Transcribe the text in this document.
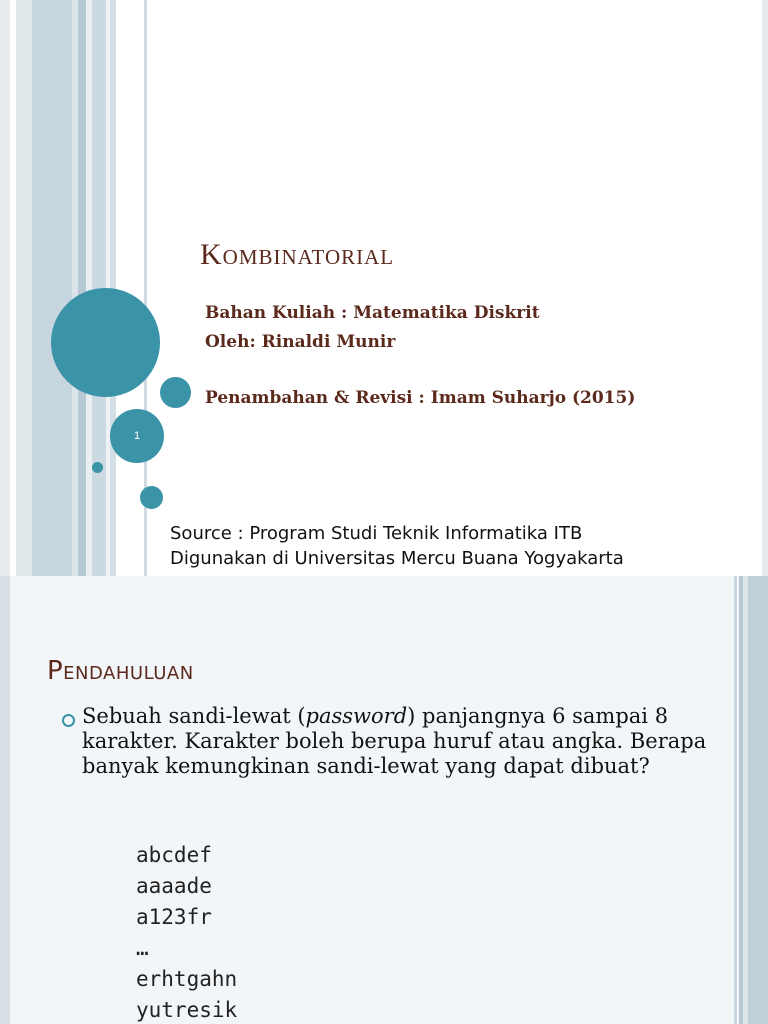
1
Kombinatorial
Bahan Kuliah : Matematika Diskrit
Oleh: Rinaldi Munir
Penambahan & Revisi : Imam Suharjo (2015)
Source : Program Studi Teknik Informatika ITB
Digunakan di Universitas Mercu Buana Yogyakarta
Pendahuluan
Sebuah sandi-lewat (password) panjangnya 6 sampai 8 karakter. Karakter boleh berupa huruf atau angka. Berapa banyak kemungkinan sandi-lewat yang dapat dibuat?
abcdef
aaaade
a123fr
…
erhtgahn
yutresik
